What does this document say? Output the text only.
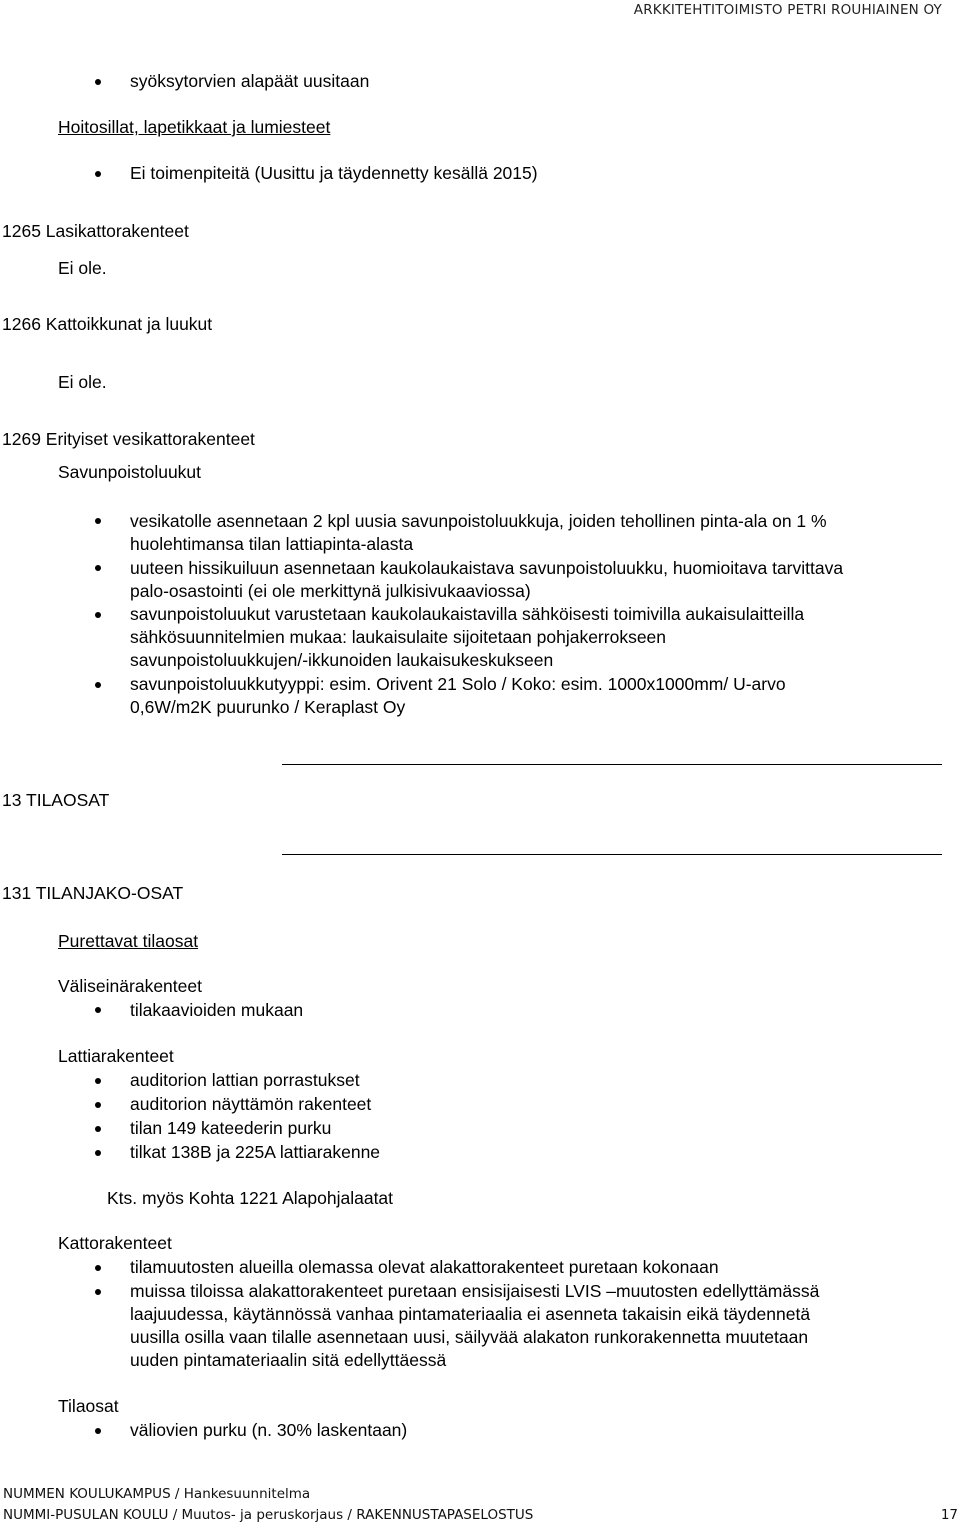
ARKKITEHTITOIMISTO PETRI ROUHIAINEN OY
syöksytorvien alapäät uusitaan
Hoitosillat, lapetikkaat ja lumiesteet
Ei toimenpiteitä (Uusittu ja täydennetty kesällä 2015)
1265 Lasikattorakenteet
Ei ole.
1266 Kattoikkunat ja luukut
Ei ole.
1269 Erityiset vesikattorakenteet
Savunpoistoluukut
vesikatolle asennetaan 2 kpl uusia savunpoistoluukkuja, joiden tehollinen pinta-ala on 1 %
huolehtimansa tilan lattiapinta-alasta
uuteen hissikuiluun asennetaan kaukolaukaistava savunpoistoluukku, huomioitava tarvittava
palo-osastointi (ei ole merkittynä julkisivukaaviossa)
savunpoistoluukut varustetaan kaukolaukaistavilla sähköisesti toimivilla aukaisulaitteilla
sähkösuunnitelmien mukaa: laukaisulaite sijoitetaan pohjakerrokseen
savunpoistoluukkujen/-ikkunoiden laukaisukeskukseen
savunpoistoluukkutyyppi: esim. Orivent 21 Solo / Koko: esim. 1000x1000mm/ U-arvo
0,6W/m2K puurunko / Keraplast Oy
13 TILAOSAT
131 TILANJAKO-OSAT
Purettavat tilaosat
Väliseinärakenteet
tilakaavioiden mukaan
Lattiarakenteet
auditorion lattian porrastukset
auditorion näyttämön rakenteet
tilan 149 kateederin purku
tilkat 138B ja 225A lattiarakenne
Kts. myös Kohta 1221 Alapohjalaatat
Kattorakenteet
tilamuutosten alueilla olemassa olevat alakattorakenteet puretaan kokonaan
muissa tiloissa alakattorakenteet puretaan ensisijaisesti LVIS –muutosten edellyttämässä
laajuudessa, käytännössä vanhaa pintamateriaalia ei asenneta takaisin eikä täydennetä
uusilla osilla vaan tilalle asennetaan uusi, säilyvää alakaton runkorakennetta muutetaan
uuden pintamateriaalin sitä edellyttäessä
Tilaosat
väliovien purku (n. 30% laskentaan)
NUMMEN KOULUKAMPUS / Hankesuunnitelma
NUMMI-PUSULAN KOULU / Muutos- ja peruskorjaus / RAKENNUSTAPASELOSTUS	17
